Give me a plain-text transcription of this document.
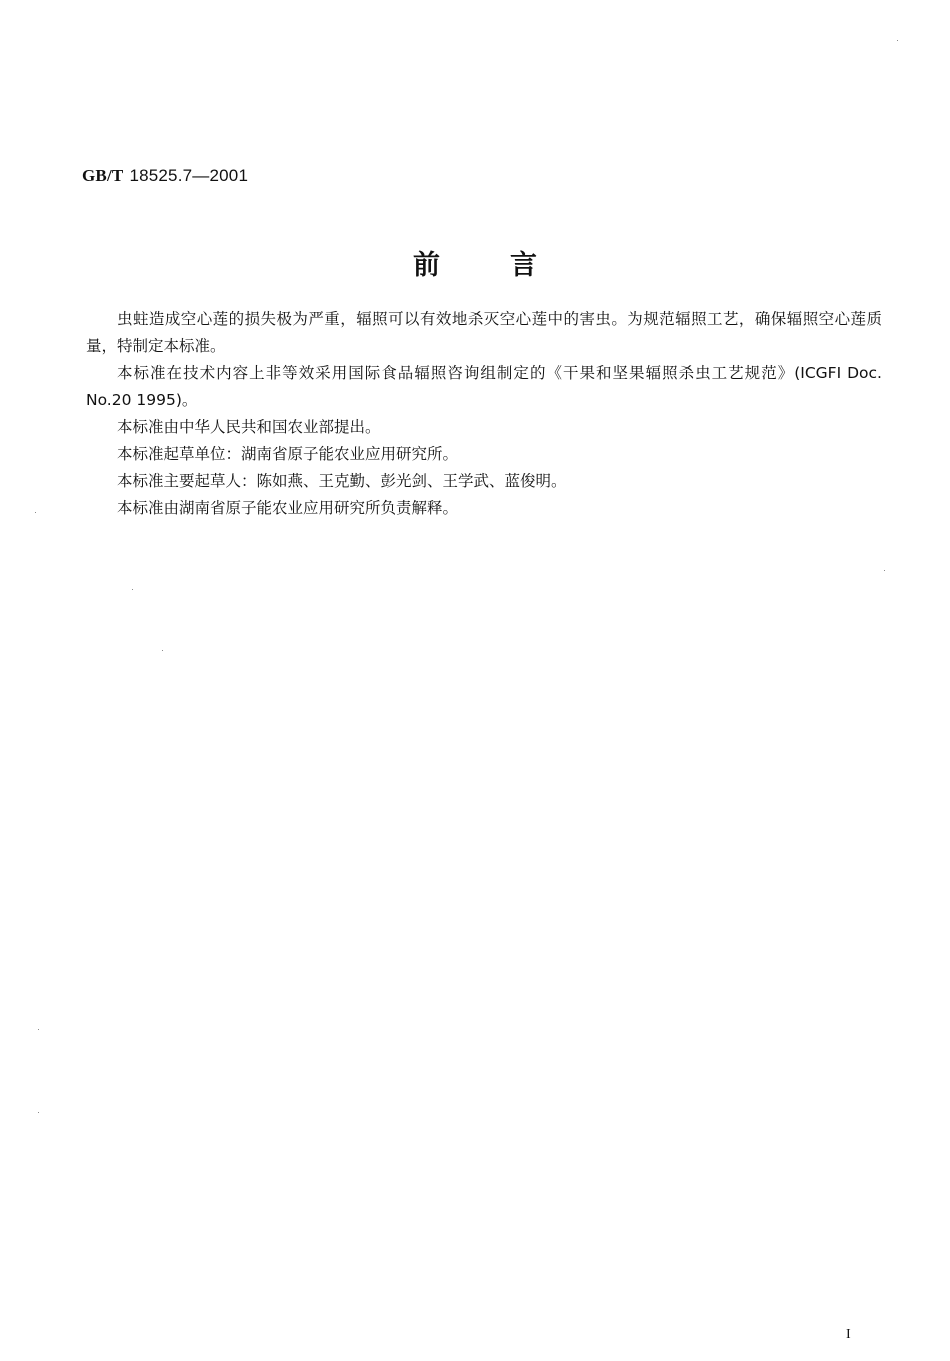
GB/T 18525.7—2001
前言

虫蛀造成空心莲的损失极为严重，辐照可以有效地杀灭空心莲中的害虫。为规范辐照工艺，确保辐照空心莲质量，特制定本标准。

本标准在技术内容上非等效采用国际食品辐照咨询组制定的《干果和坚果辐照杀虫工艺规范》(ICGFI Doc. No.20 1995)。

本标准由中华人民共和国农业部提出。

本标准起草单位：湖南省原子能农业应用研究所。

本标准主要起草人：陈如燕、王克勤、彭光剑、王学武、蓝俊明。

本标准由湖南省原子能农业应用研究所负责解释。

I
